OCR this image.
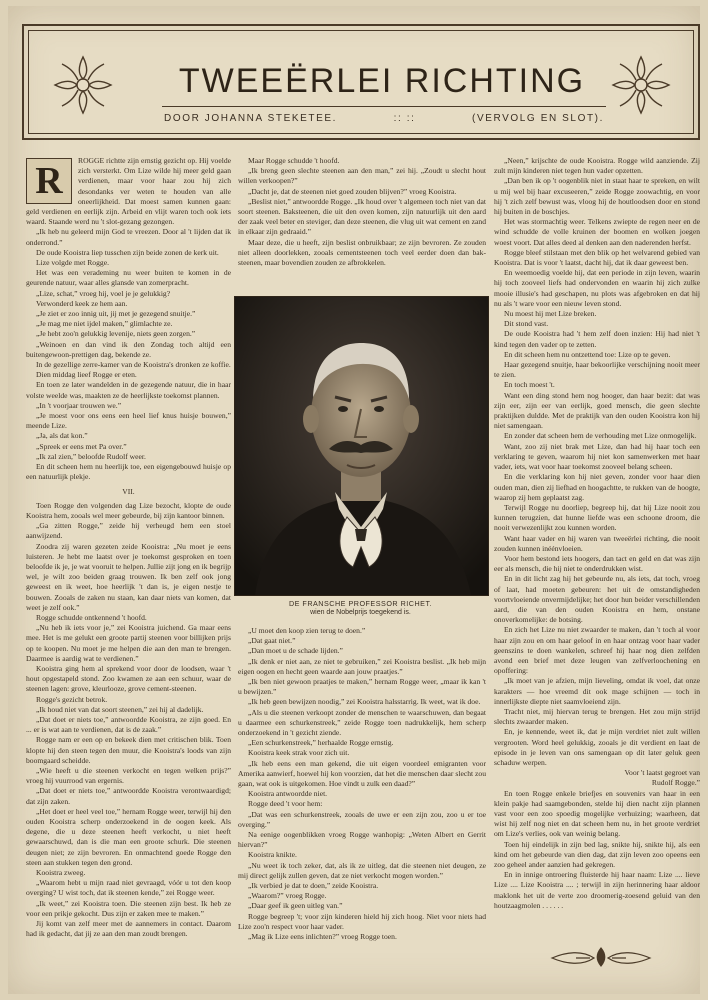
TWEEËRLEI RICHTING
DOOR JOHANNA STEKETEE.	:: ::	(VERVOLG EN SLOT).
R	ROGGE richtte zijn ernstig gezicht op. Hij voelde zich versterkt. Om Lize wilde hij meer geld gaan verdienen, maar voor haar zou hij zich desondanks ver weten te houden van alle oneerlijkheid. Dat moest samen kunnen gaan: geld verdienen en eerlijk zijn. Arbeid en vlijt waren toch ook iets waard. Staande werd nu 't slot-gezang gezongen.

„Ik heb nu geleerd mijn God te vreezen. Door al 't lijden dat ik onderrond.”

De oude Kooistra liep tusschen zijn beide zonen de kerk uit.

Lize volgde met Rogge.

Het was een verademing nu weer buiten te komen in de geurende natuur, waar alles glansde van zomerpracht.

„Lize, schat,” vroeg hij, voel je je gelukkig?

Verwonderd keek ze hem aan.

„Je ziet er zoo innig uit, jij met je gezegend snuitje.”

„Je mag me niet ijdel maken,” glimlachte ze.

„Je hebt zoo'n gelukkig levenije, niets geen zorgen.”

„Weinoen en dan vind ik den Zondag toch altijd een buitengewoon-prettigen dag, bekende ze.

In de gezellige zerre-kamer van de Kooistra's dronken ze koffie.

Dien middag lieef Rogge er eten.

En toen ze later wandelden in de gezegende natuur, die in haar volste weelde was, maakten ze de heerlijkste toekomst plannen.

„In 't voorjaar trouwen we.”

„Je moest voor ons eens een heel lief knus huisje bouwen,” meende Lize.

„Ja, als dat kon.”

„Spreek er eens met Pa over.”

„Ik zal zien,” beloofde Rudolf weer.

En dit scheen hem nu heerlijk toe, een eigengebouwd huisje op een natuurlijk plekje.

VII.

Toen Rogge den volgenden dag Lize bezocht, klopte de oude Kooistra hem, zooals wel meer gebeurde, bij zijn kantoor binnen.

„Ga zitten Rogge,” zeide hij verheugd hem een stoel aanwijzend.

Zoodra zij waren gezeten zeide Kooistra: „Nu moet je eens luisteren. Je hebt me laatst over je toekomst gesproken en toen beloofde ik je, je wat vooruit te helpen. Jullie zijt jong en ik begrijp wel, je wilt zoo beiden graag trouwen. Ik ben zelf ook jong geweest en ik weet, hoe heerlijk 't dan is, je eigen nestje te bouwen. Zooals de zaken nu staan, kan daar niets van komen, dat weet je zelf ook.”

Rogge schudde ontkennend 't hoofd.

„Nu heb ik iets voor je,” zei Kooistra juichend. Ga maar eens mee. Het is me gelukt een groote partij steenen voor billijken prijs op te koopen. Nu moet je me helpen die aan den man te brengen. Daarmee is aardig wat te verdienen.”

Kooistra ging hem al sprekend voor door de loodsen, waar 't hout opgestapeld stond. Zoo kwamen ze aan een schuur, waar de steenen lagen: grove, kleurlooze, grove cement-steenen.

Rogge's gezicht betrok.

„Ik houd niet van dat soort steenen,” zei hij al dadelijk.

„Dat doet er niets toe,” antwoordde Kooistra, ze zijn goed. En ... er is wat aan te verdienen, dat is de zaak.”

Rogge nam er een op en bekeek dien met critischen blik. Toen klopte hij den steen tegen den muur, die Kooistra's loods van zijn boomgaard scheidde.

„Wie heeft u die steenen verkocht en tegen welken prijs?” vroeg hij vuurrood van ergernis.

„Dat doet er niets toe,” antwoordde Kooistra verontwaardigd; dat zijn zaken.

„Het doet er heel veel toe,” hernam Rogge weer, terwijl hij den ouden Kooistra scherp onderzoekend in de oogen keek. Als degene, die u deze steenen heeft verkocht, u niet heeft gewaarschuwd, dan is die man een groote schurk. Die steenen deugen niet; ze zijn bevroren. En onmachtend goede Rogge den steen aan stukken tegen den grond.

Kooistra zweeg.

„Waarom hebt u mijn raad niet gevraagd, vóór u tot den koop overging? U wist toch, dat ik steenen kende,” zei Rogge weer.

„Ik weet,” zei Kooistra toen. Die steenen zijn best. Ik heb ze voor een prikje gekocht. Dus zijn er zaken mee te maken.”

Jij komt van zelf meer met de aannemers in contact. Daarom had ik gedacht, dat jij ze aan den man zoudt brengen.

Maar Rogge schudde 't hoofd.

„Ik breng geen slechte steenen aan den man,” zei hij. „Zoudt u slecht hout willen verkoopen?”

„Dacht je, dat de steenen niet goed zouden blijven?” vroeg Kooistra.

„Beslist niet,” antwoordde Rogge. „Ik houd over 't algemeen toch niet van dat soort steenen. Baksteenen, die uit den oven komen, zijn natuurlijk uit den aard der zaak veel beter en steviger, dan deze steenen, die vlug uit wat cement en zand in elkaar zijn gedraaid.”

Maar deze, die u heeft, zijn beslist onbruikbaar; ze zijn bevroren. Ze zouden niet alleen doorlekken, zooals cementsteenen toch veel eerder doen dan bak-steenen, maar bovendien zouden ze afbrokkelen.

DE FRANSCHE PROFESSOR RICHET.
wien de Nobelprijs toegekend is.

„U moet den koop zien terug te doen.”

„Dat gaat niet.”

„Dan moet u de schade lijden.”

„Ik denk er niet aan, ze niet te gebruiken,” zei Kooistra beslist. „Ik heb mijn eigen oogen en hecht geen waarde aan jouw praatjes.”

„Ik ben niet gewoon praatjes te maken,” hernam Rogge weer, „maar ik kan 't u bewijzen.”

„Ik heb geen bewijzen noodig,” zei Kooistra halsstarrig. Ik weet, wat ik doe.

„Als u die steenen verkoopt zonder de menschen te waarschuwen, dan begaat u daarmee een schurkenstreek,” zeide Rogge toen nadrukkelijk, hem scherp onderzoekend in 't gezicht ziende.

„Een schurkenstreek,” herhaalde Rogge ernstig.

Kooistra keek strak voor zich uit.

„Ik heb eens een man gekend, die uit eigen voordeel emigranten voor Amerika aanwierf, hoewel hij kon voorzien, dat het die menschen daar slecht zou gaan, wat ook is uitgekomen. Hoe vindt u zulk een daad?”

Kooistra antwoordde niet.

Rogge deed 't voor hem:

„Dat was een schurkenstreek, zooals de uwe er een zijn zou, zoo u er toe overging.”

Na eenige oogenblikken vroeg Rogge wanhopig: „Weten Albert en Gerrit hiervan?”

Kooistra knikte.

„Nu weet ik toch zeker, dat, als ik ze uitleg, dat die steenen niet deugen, ze mij direct gelijk zullen geven, dat ze niet verkocht mogen worden.”

„Ik verbied je dat te doen,” zeide Kooistra.

„Waarom?” vroeg Rogge.

„Daar geef ik geen uitleg van.”

Rogge begreep 't; voor zijn kinderen hield hij zich hoog. Niet voor niets had Lize zoo'n respect voor haar vader.

„Mag ik Lize eens inlichten?” vroeg Rogge toen.

„Neen,” krijschte de oude Kooistra. Rogge wild aanziende. Zij zult mijn kinderen niet tegen hun vader opzetten.

„Dan ben ik op 't oogenblik niet in staat haar te spreken, en wilt u mij wel bij haar excuseeren,” zeide Rogge zoowachtig, en voor hij 't zich zelf bewust was, vloog hij de houtloodsen door en stond hij buiten in de boschjes.

Het was stormachtig weer. Telkens zwiepte de regen neer en de wind schudde de volle kruinen der boomen en wolken joegen woest voort. Dat alles deed al denken aan den naderenden herfst.

Rogge bleef stilstaan met den blik op het welvarend gebied van Kooistra. Dat is voor 't laatst, dacht hij, dat ik daar geweest ben.

En weemoedig voelde hij, dat een periode in zijn leven, waarin hij toch zooveel liefs had ondervonden en waarin hij zich zulke mooie illusie's had geschapen, nu plots was afgebroken en dat hij nu als 't ware voor een nieuw leven stond.

Nu moest hij met Lize breken.

Dit stond vast.

De oude Kooistra had 't hem zelf doen inzien: Hij had niet 't kind tegen den vader op te zetten.

En dit scheen hem nu ontzettend toe: Lize op te geven.

Haar gezegend snuitje, haar bekoorlijke verschijning nooit meer te zien.

En toch moest 't.

Want een ding stond hem nog hooger, dan haar bezit: dat was zijn eer, zijn eer van eerlijk, goed mensch, die geen slechte praktijken duldde. Met de praktijk van den ouden Kooistra kon hij niet samengaan.

En zonder dat scheen hem de verhouding met Lize onmogelijk.

Want, zoo zij niet brak met Lize, dan had hij haar toch een verklaring te geven, waarom hij niet kon samenwerken met haar vader, iets, wat voor haar toekomst zooveel belang scheen.

En die verklaring kon hij niet geven, zonder voor haar dien ouden man, dien zij liefhad en hoogachtte, te rukken van de hoogte, waarop zij hem geplaatst zag.

Terwijl Rogge nu doorliep, begreep hij, dat hij Lize nooit zou kunnen terugzien, dat hunne liefde was een schoone droom, die nooit verwezenlijkt zou kunnen worden.

Want haar vader en hij waren van tweeërlei richting, die nooit zouden kunnen inéénvloeien.

Voor hem bestond iets hoogers, dan tact en geld en dat was zijn eer als mensch, die hij niet te onderdrukken wist.

En in dit licht zag hij het gebeurde nu, als iets, dat toch, vroeg of laat, had moeten gebeuren: het uit de omstandigheden voortvloeiende onvermijdelijke; het door hun beider verschillenden aard, die van den ouden Kooistra en hem, onstane onoverkomelijke: de botsing.

En zich het Lize nu niet zwaarder te maken, dan 't toch al voor haar zijn zou en om haar geloof in en haar ontzag voor haar vader geenszins te doen wankelen, schreef hij haar nog dien zelfden avond een brief met deze leugen van zelfverloochening en opoffering:

„Ik moet van je afzien, mijn lieveling, omdat ik voel, dat onze karakters — hoe vreemd dit ook mage schijnen — toch in innerlijkste diepte niet saamvloeiend zijn.

Tracht niet, mij hiervan terug te brengen. Het zou mijn strijd slechts zwaarder maken.

En, je kennende, weet ik, dat je mijn verdriet niet zult willen vergrooten. Word heel gelukkig, zooals je dit verdient en laat de episode in je leven van ons samengaan op dit later geluk geen schaduw werpen.

Voor 't laatst gegroet van

Rudolf Rogge.”

En toen Rogge enkele briefjes en souvenirs van haar in een klein pakje had saamgebonden, stelde hij dien nacht zijn plannen vast voor een zoo spoedig mogelijke verhuizing; waarheen, dat wist hij zelf nog niet en dat scheen hem nu, in het groote verdriet om Lize's verlies, ook van weinig belang.

Toen hij eindelijk in zijn bed lag, snikte hij, snikte hij, als een kind om het gebeurde van dien dag, dat zijn leven zoo opeens een zoo geheel ander aanzien had gekregen.

En in innige ontroering fluisterde hij haar naam: Lize .... lieve Lize .... Lize Kooistra .... ; terwijl in zijn herinnering haar aldoor maklonk het uit de verte zoo droomerig-zoesend geluid van den houtzaagmolen . . . . . .
